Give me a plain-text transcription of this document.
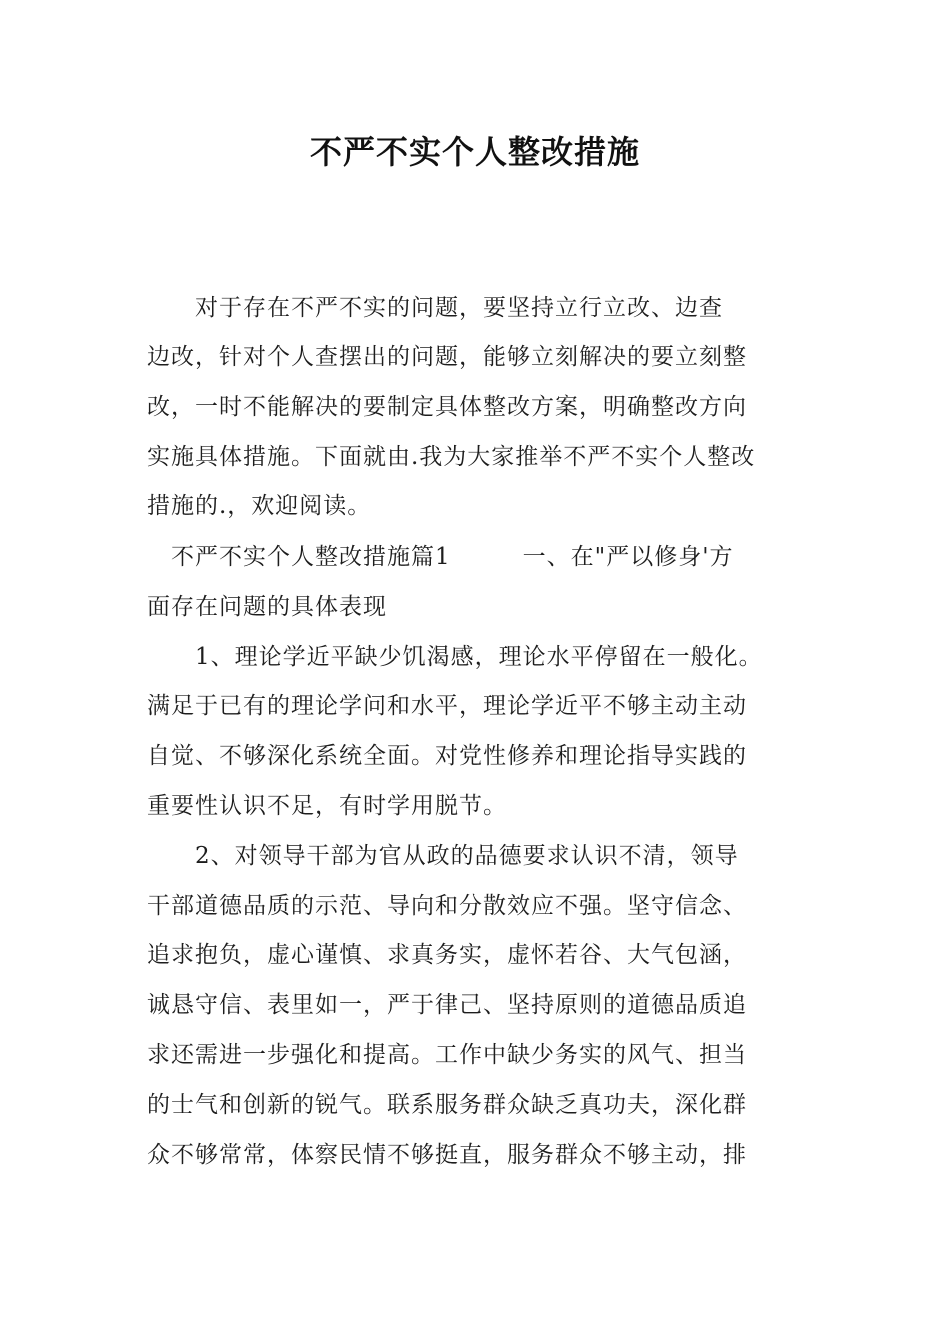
不严不实个人整改措施
　　对于存在不严不实的问题，要坚持立行立改、边查
边改，针对个人查摆出的问题，能够立刻解决的要立刻整
改，一时不能解决的要制定具体整改方案，明确整改方向
实施具体措施。下面就由.我为大家推举不严不实个人整改
措施的.，欢迎阅读。
　不严不实个人整改措施篇1　　　一、在"严以修身'方
面存在问题的具体表现
　　1、理论学近平缺少饥渴感，理论水平停留在一般化。
满足于已有的理论学问和水平，理论学近平不够主动主动
自觉、不够深化系统全面。对党性修养和理论指导实践的
重要性认识不足，有时学用脱节。
　　2、对领导干部为官从政的品德要求认识不清，领导
干部道德品质的示范、导向和分散效应不强。坚守信念、
追求抱负，虚心谨慎、求真务实，虚怀若谷、大气包涵，
诚恳守信、表里如一，严于律己、坚持原则的道德品质追
求还需进一步强化和提高。工作中缺少务实的风气、担当
的士气和创新的锐气。联系服务群众缺乏真功夫，深化群
众不够常常，体察民情不够挺直，服务群众不够主动，排
